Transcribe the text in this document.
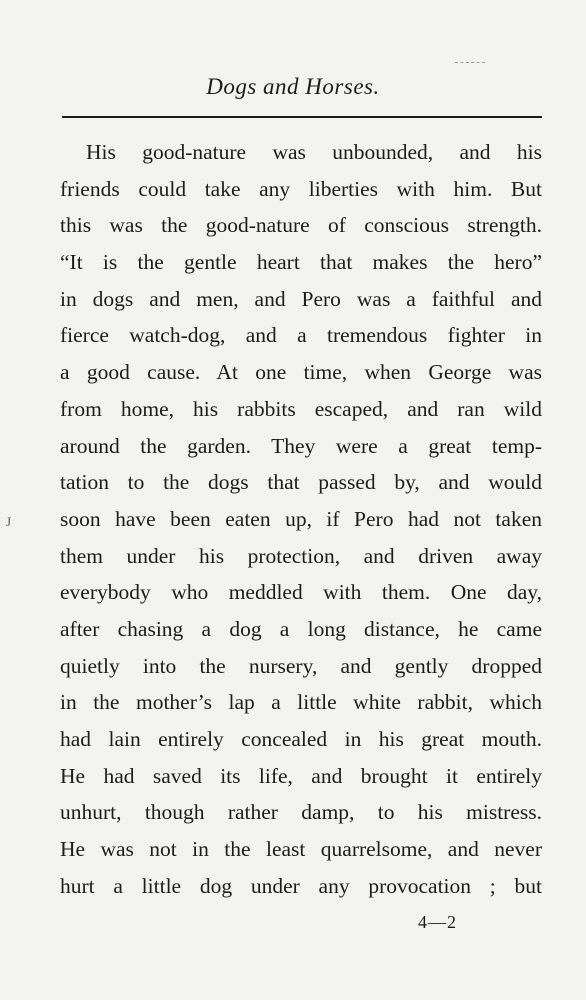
Dogs and Horses.
J
His good-nature was unbounded, and his
friends could take any liberties with him. But
this was the good-nature of conscious strength.
“It is the gentle heart that makes the hero”
in dogs and men, and Pero was a faithful and
fierce watch-dog, and a tremendous fighter in
a good cause. At one time, when George was
from home, his rabbits escaped, and ran wild
around the garden. They were a great temp-
tation to the dogs that passed by, and would
soon have been eaten up, if Pero had not taken
them under his protection, and driven away
everybody who meddled with them. One day,
after chasing a dog a long distance, he came
quietly into the nursery, and gently dropped
in the mother’s lap a little white rabbit, which
had lain entirely concealed in his great mouth.
He had saved its life, and brought it entirely
unhurt, though rather damp, to his mistress.
He was not in the least quarrelsome, and never
hurt a little dog under any provocation ; but
4—2
